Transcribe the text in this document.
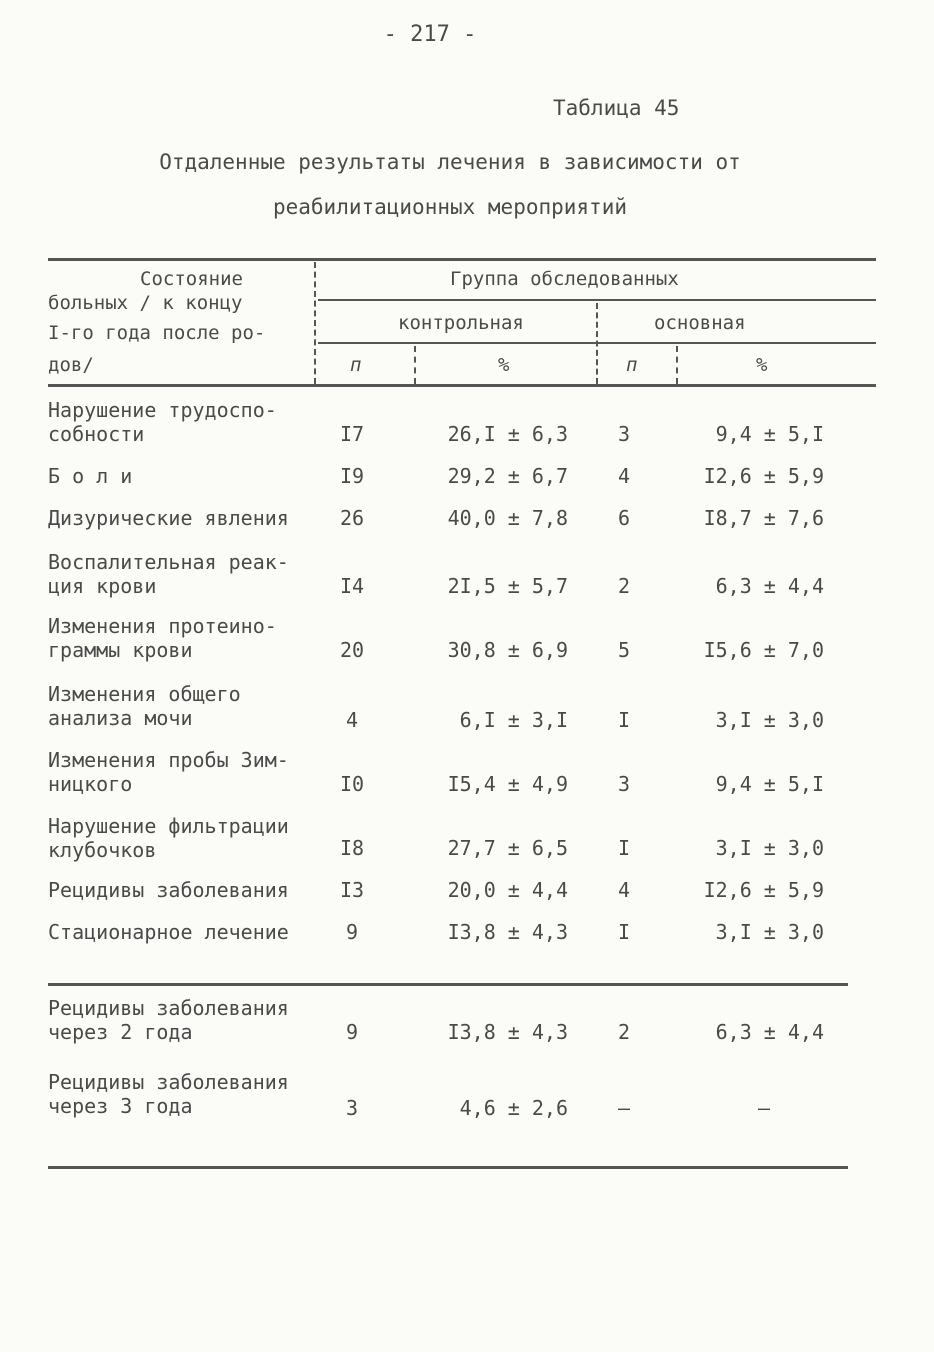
- 217 -
Таблица 45
Отдаленные результаты лечения в зависимости от
реабилитационных мероприятий
Состояние
больных / к концу
I-го года после ро-
дов/
Группа обследованных
контрольная	основная
п	%	п	%
Нарушение трудоспо-
собности	I7	26,I ± 6,3	3	9,4 ± 5,I
Б о л и	I9	29,2 ± 6,7	4	I2,6 ± 5,9
Дизурические явления	26	40,0 ± 7,8	6	I8,7 ± 7,6
Воспалительная реак-
ция крови	I4	2I,5 ± 5,7	2	6,3 ± 4,4
Изменения протеино-
граммы крови	20	30,8 ± 6,9	5	I5,6 ± 7,0
Изменения общего
анализа мочи	4	6,I ± 3,I	I	3,I ± 3,0
Изменения пробы Зим-
ницкого	I0	I5,4 ± 4,9	3	9,4 ± 5,I
Нарушение фильтрации
клубочков	I8	27,7 ± 6,5	I	3,I ± 3,0
Рецидивы заболевания	I3	20,0 ± 4,4	4	I2,6 ± 5,9
Стационарное лечение	9	I3,8 ± 4,3	I	3,I ± 3,0
Рецидивы заболевания
через 2 года	9	I3,8 ± 4,3	2	6,3 ± 4,4
Рецидивы заболевания
через 3 года	3	4,6 ± 2,6	–	–
